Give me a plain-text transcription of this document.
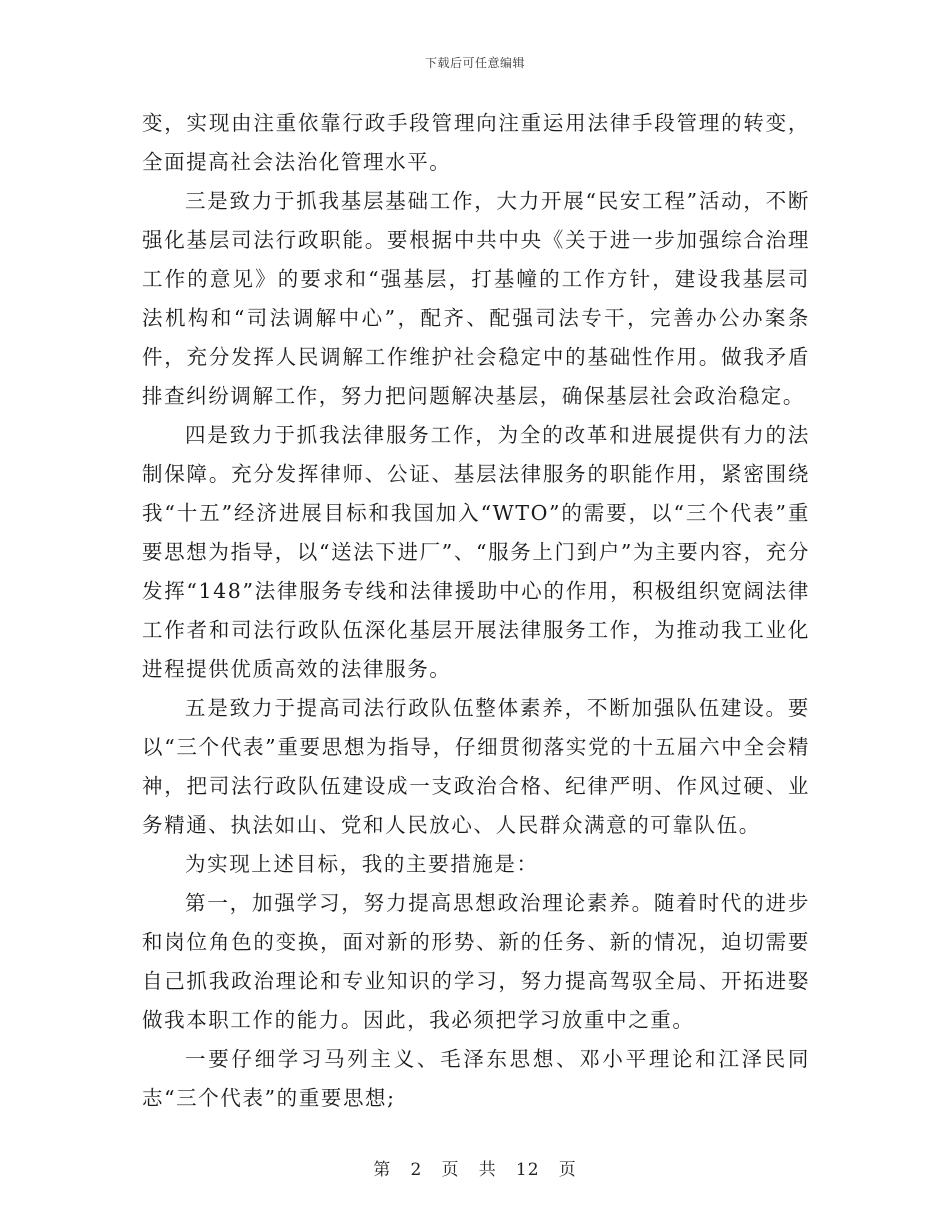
下载后可任意编辑

变，实现由注重依靠行政手段管理向注重运用法律手段管理的转变，全面提高社会法治化管理水平。

三是致力于抓我基层基础工作，大力开展“民安工程”活动，不断强化基层司法行政职能。要根据中共中央《关于进一步加强综合治理工作的意见》的要求和“强基层，打基幢的工作方针，建设我基层司法机构和“司法调解中心”，配齐、配强司法专干，完善办公办案条件，充分发挥人民调解工作维护社会稳定中的基础性作用。做我矛盾排查纠纷调解工作，努力把问题解决基层，确保基层社会政治稳定。

四是致力于抓我法律服务工作，为全的改革和进展提供有力的法制保障。充分发挥律师、公证、基层法律服务的职能作用，紧密围绕我“十五”经济进展目标和我国加入“WTO”的需要，以“三个代表”重要思想为指导，以“送法下进厂”、“服务上门到户”为主要内容，充分发挥“148”法律服务专线和法律援助中心的作用，积极组织宽阔法律工作者和司法行政队伍深化基层开展法律服务工作，为推动我工业化进程提供优质高效的法律服务。

五是致力于提高司法行政队伍整体素养，不断加强队伍建设。要以“三个代表”重要思想为指导，仔细贯彻落实党的十五届六中全会精神，把司法行政队伍建设成一支政治合格、纪律严明、作风过硬、业务精通、执法如山、党和人民放心、人民群众满意的可靠队伍。

为实现上述目标，我的主要措施是：

第一，加强学习，努力提高思想政治理论素养。随着时代的进步和岗位角色的变换，面对新的形势、新的任务、新的情况，迫切需要自己抓我政治理论和专业知识的学习，努力提高驾驭全局、开拓进娶做我本职工作的能力。因此，我必须把学习放重中之重。

一要仔细学习马列主义、毛泽东思想、邓小平理论和江泽民同志“三个代表”的重要思想;

第 2 页 共 12 页
